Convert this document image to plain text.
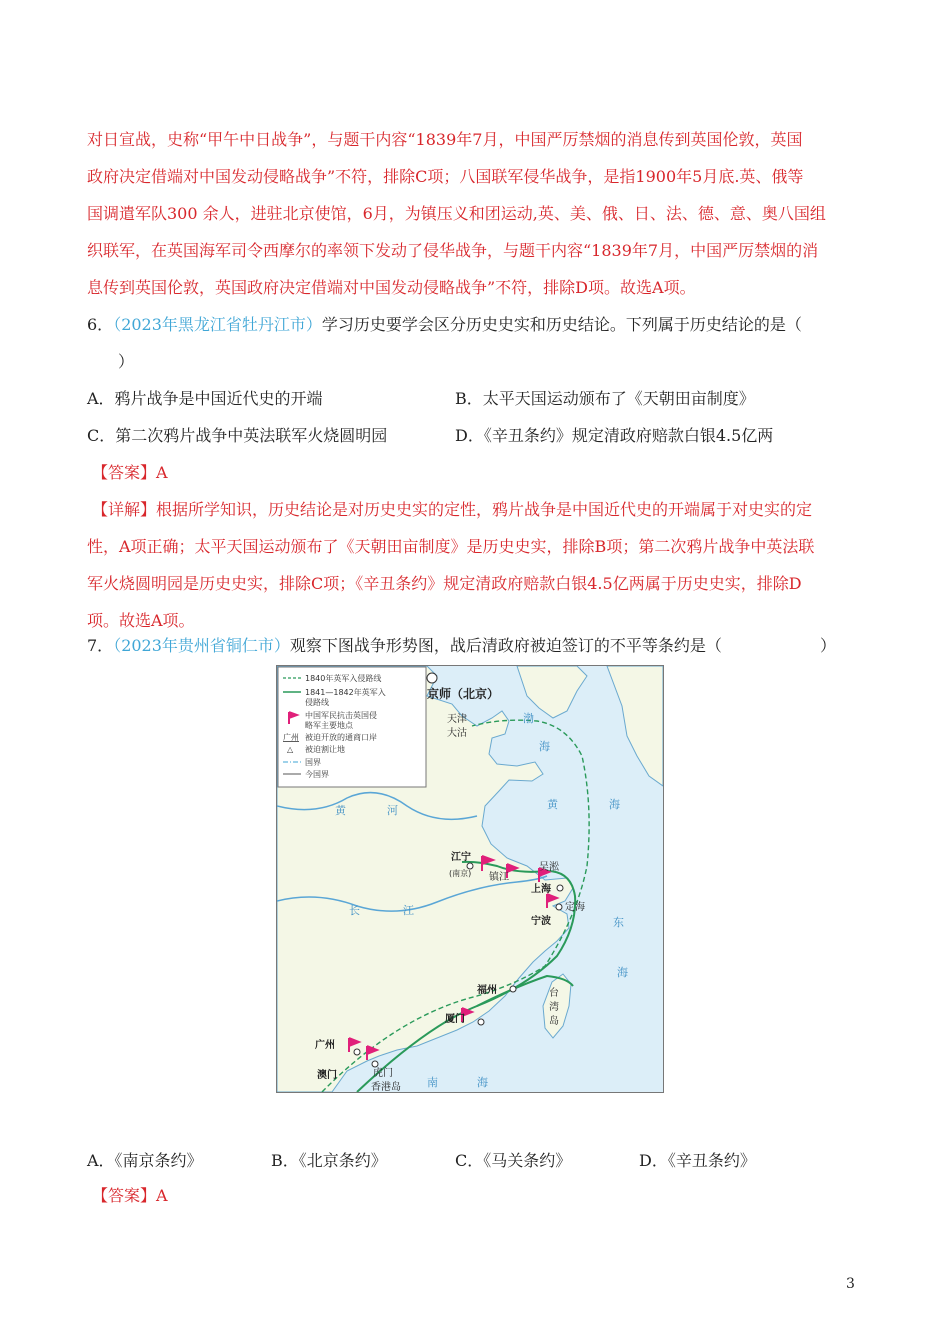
对日宣战，史称“甲午中日战争”，与题干内容“1839年7月，中国严厉禁烟的消息传到英国伦敦，英国
政府决定借端对中国发动侵略战争”不符，排除C项；八国联军侵华战争，是指1900年5月底.英、俄等
国调遣军队300 余人，进驻北京使馆，6月，为镇压义和团运动,英、美、俄、日、法、德、意、奥八国组
织联军，在英国海军司令西摩尔的率领下发动了侵华战争，与题干内容“1839年7月，中国严厉禁烟的消
息传到英国伦敦，英国政府决定借端对中国发动侵略战争”不符，排除D项。故选A项。
6．（2023年黑龙江省牡丹江市）学习历史要学会区分历史史实和历史结论。下列属于历史结论的是（
）
A．鸦片战争是中国近代史的开端	B．太平天国运动颁布了《天朝田亩制度》
C．第二次鸦片战争中英法联军火烧圆明园	D．《辛丑条约》规定清政府赔款白银4.5亿两
【答案】A
【详解】根据所学知识，历史结论是对历史史实的定性，鸦片战争是中国近代史的开端属于对史实的定
性，A项正确；太平天国运动颁布了《天朝田亩制度》是历史史实，排除B项；第二次鸦片战争中英法联
军火烧圆明园是历史史实，排除C项；《辛丑条约》规定清政府赔款白银4.5亿两属于历史史实，排除D
项。故选A项。
7．（2023年贵州省铜仁市）观察下图战争形势图，战后清政府被迫签订的不平等条约是（	）
1840年英军入侵路线
1841—1842年英军入
侵路线
中国军民抗击英国侵
略军主要地点
广州 被迫开放的通商口岸
△ 被迫割让地
国界
今国界
京师（北京）
天津
大沽
江宁
(南京) 镇江
吴淞
上海
宁波
定海
福州
厦门
广州
虎门
澳门
香港岛
台
湾
岛
渤
海
黄	海
黄	河
长	江
东
海
南	海
A．《南京条约》	B．《北京条约》	C．《马关条约》	D．《辛丑条约》
【答案】A
3
